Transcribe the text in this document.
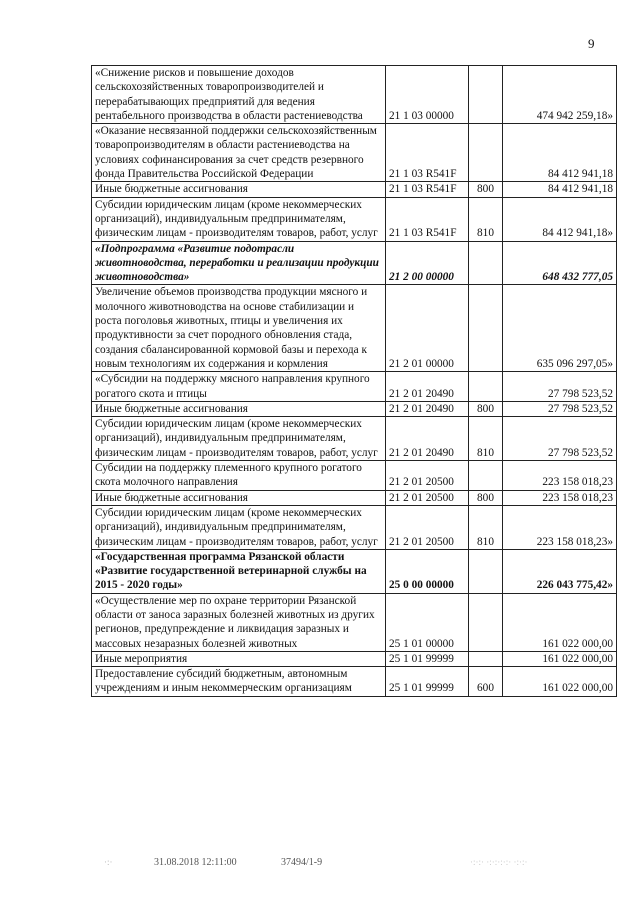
9
«Снижение рисков и повышение доходов сельскохозяйственных товаропроизводителей и перерабатывающих предприятий для ведения рентабельного производства в области растениеводства	21 1 03 00000		474 942 259,18»
«Оказание несвязанной поддержки сельскохозяйственным товаропроизводителям в области растениеводства на условиях софинансирования за счет средств резервного фонда Правительства Российской Федерации	21 1 03 R541F		84 412 941,18
Иные бюджетные ассигнования	21 1 03 R541F	800	84 412 941,18
Субсидии юридическим лицам (кроме некоммерческих организаций), индивидуальным предпринимателям, физическим лицам - производителям товаров, работ, услуг	21 1 03 R541F	810	84 412 941,18»
«Подпрограмма «Развитие подотрасли животноводства, переработки и реализации продукции животноводства»	21 2 00 00000		648 432 777,05
Увеличение объемов производства продукции мясного и молочного животноводства на основе стабилизации и роста поголовья животных, птицы и увеличения их продуктивности за счет породного обновления стада, создания сбалансированной кормовой базы и перехода к новым технологиям их содержания и кормления	21 2 01 00000		635 096 297,05»
«Субсидии на поддержку мясного направления крупного рогатого скота и птицы	21 2 01 20490		27 798 523,52
Иные бюджетные ассигнования	21 2 01 20490	800	27 798 523,52
Субсидии юридическим лицам (кроме некоммерческих организаций), индивидуальным предпринимателям, физическим лицам - производителям товаров, работ, услуг	21 2 01 20490	810	27 798 523,52
Субсидии на поддержку племенного крупного рогатого скота молочного направления	21 2 01 20500		223 158 018,23
Иные бюджетные ассигнования	21 2 01 20500	800	223 158 018,23
Субсидии юридическим лицам (кроме некоммерческих организаций), индивидуальным предпринимателям, физическим лицам - производителям товаров, работ, услуг	21 2 01 20500	810	223 158 018,23»
«Государственная программа Рязанской области «Развитие государственной ветеринарной службы на 2015 - 2020 годы»	25 0 00 00000		226 043 775,42»
«Осуществление мер по охране территории Рязанской области от заноса заразных болезней животных из других регионов, предупреждение и ликвидация заразных и массовых незаразных болезней животных	25 1 01 00000		161 022 000,00
Иные мероприятия	25 1 01 99999		161 022 000,00
Предоставление субсидий бюджетным, автономным учреждениям и иным некоммерческим организациям	25 1 01 99999	600	161 022 000,00
·:·	31.08.2018 12:11:00	37494/1-9	·:·:· ·:·:·:·:· ·:·:·
